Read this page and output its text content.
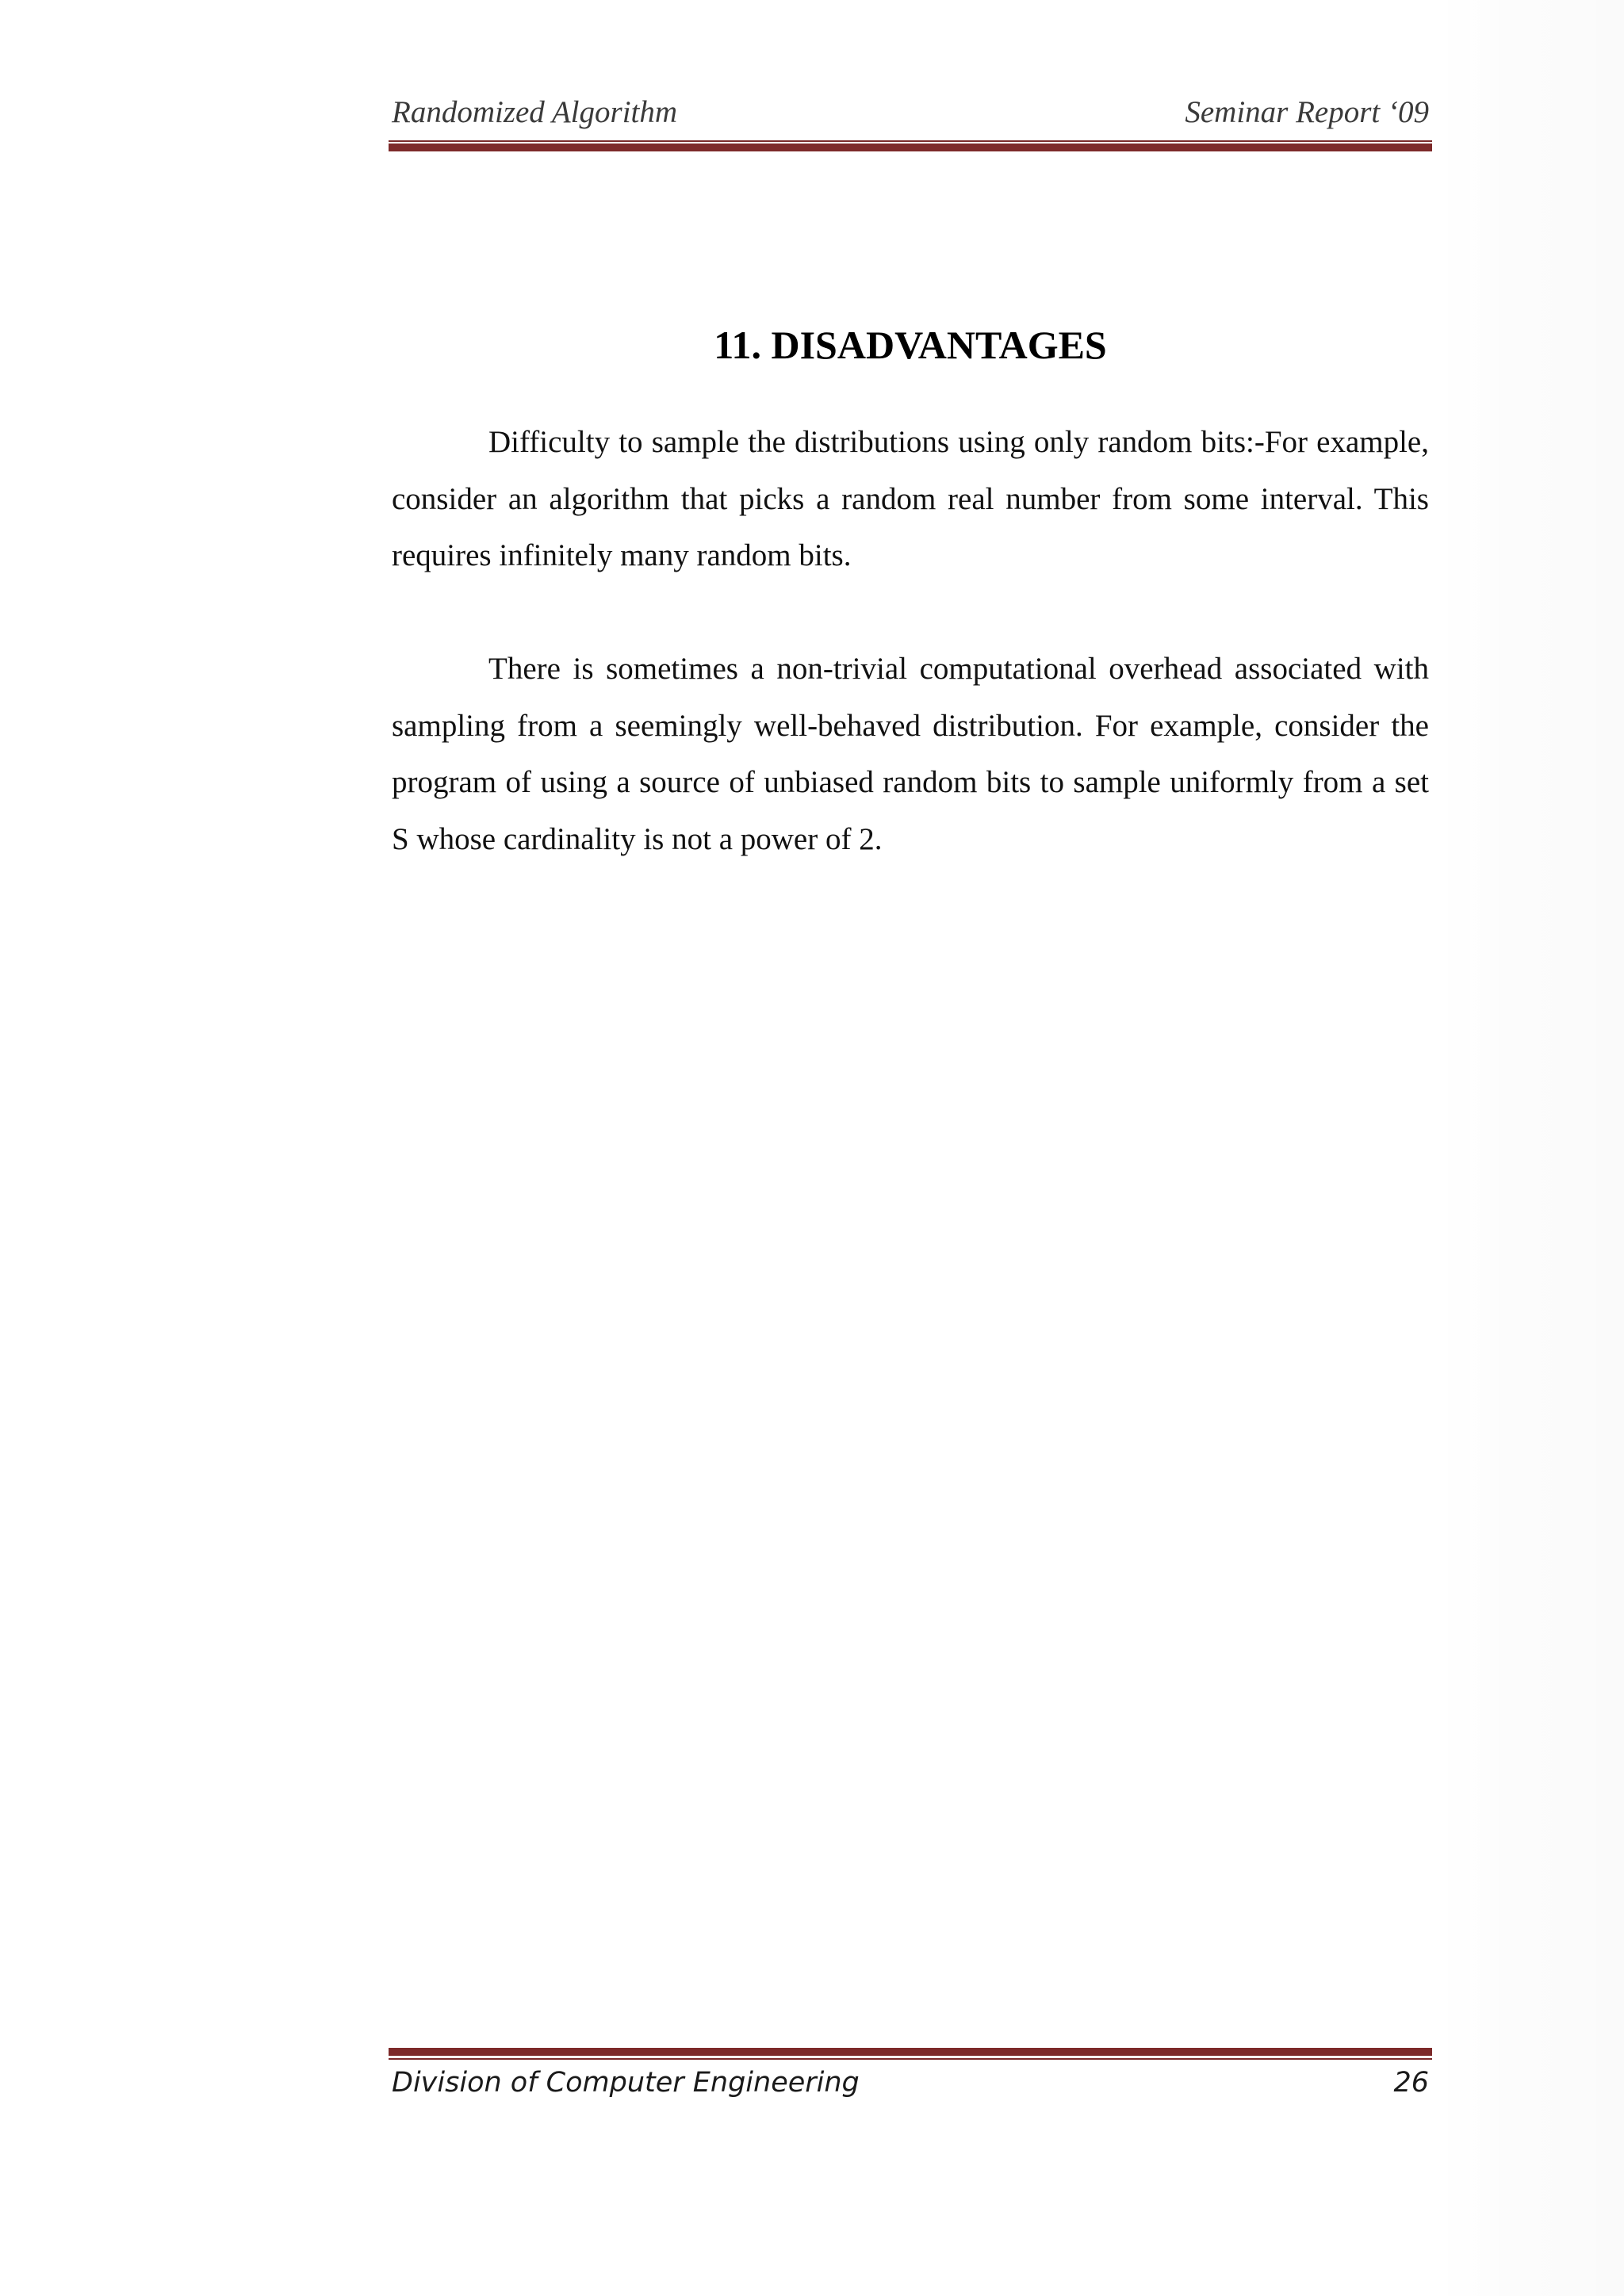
Randomized Algorithm	Seminar Report ‘09
11. DISADVANTAGES

Difficulty to sample the distributions using only random bits:-For example, consider an algorithm that picks a random real number from some interval. This requires infinitely many random bits.

There is sometimes a non-trivial computational overhead associated with sampling from a seemingly well-behaved distribution. For example, consider the program of using a source of unbiased random bits to sample uniformly from a set S whose cardinality is not a power of 2.

Division of Computer Engineering	26
